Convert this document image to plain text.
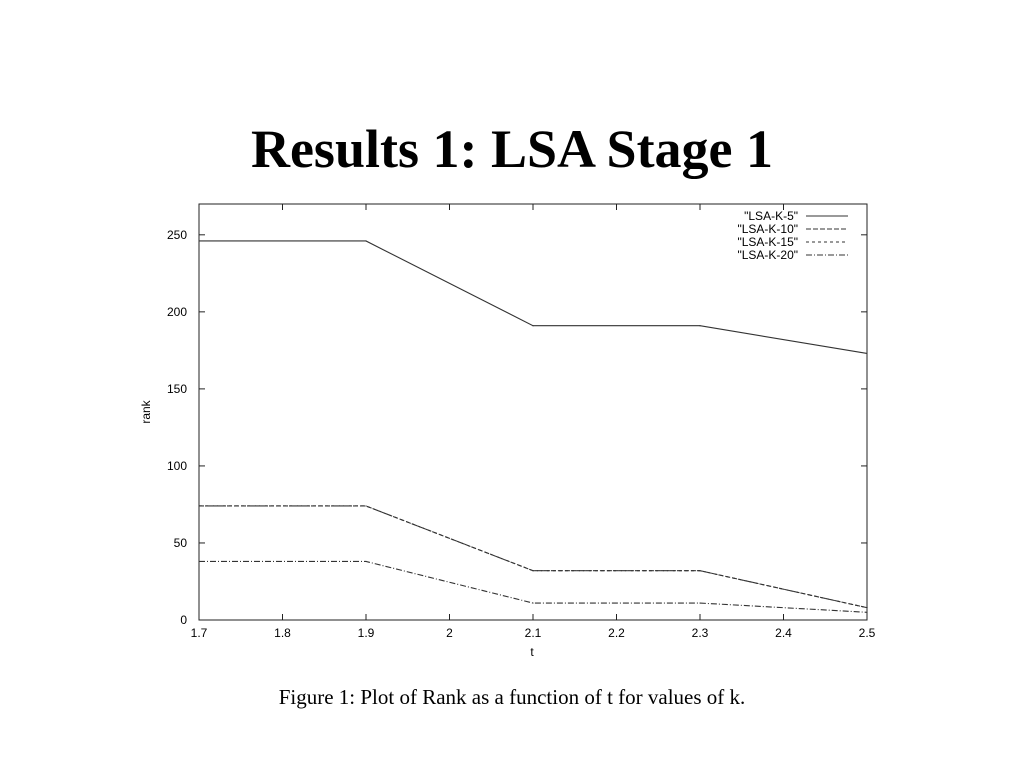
Results 1: LSA Stage 1
0
50
100
150
200
250
1.7	1.8	1.9	2	2.1	2.2	2.3	2.4	2.5
"LSA-K-5"
"LSA-K-10"
"LSA-K-15"
"LSA-K-20"
rank
t
Figure 1: Plot of Rank as a function of t for values of k.
